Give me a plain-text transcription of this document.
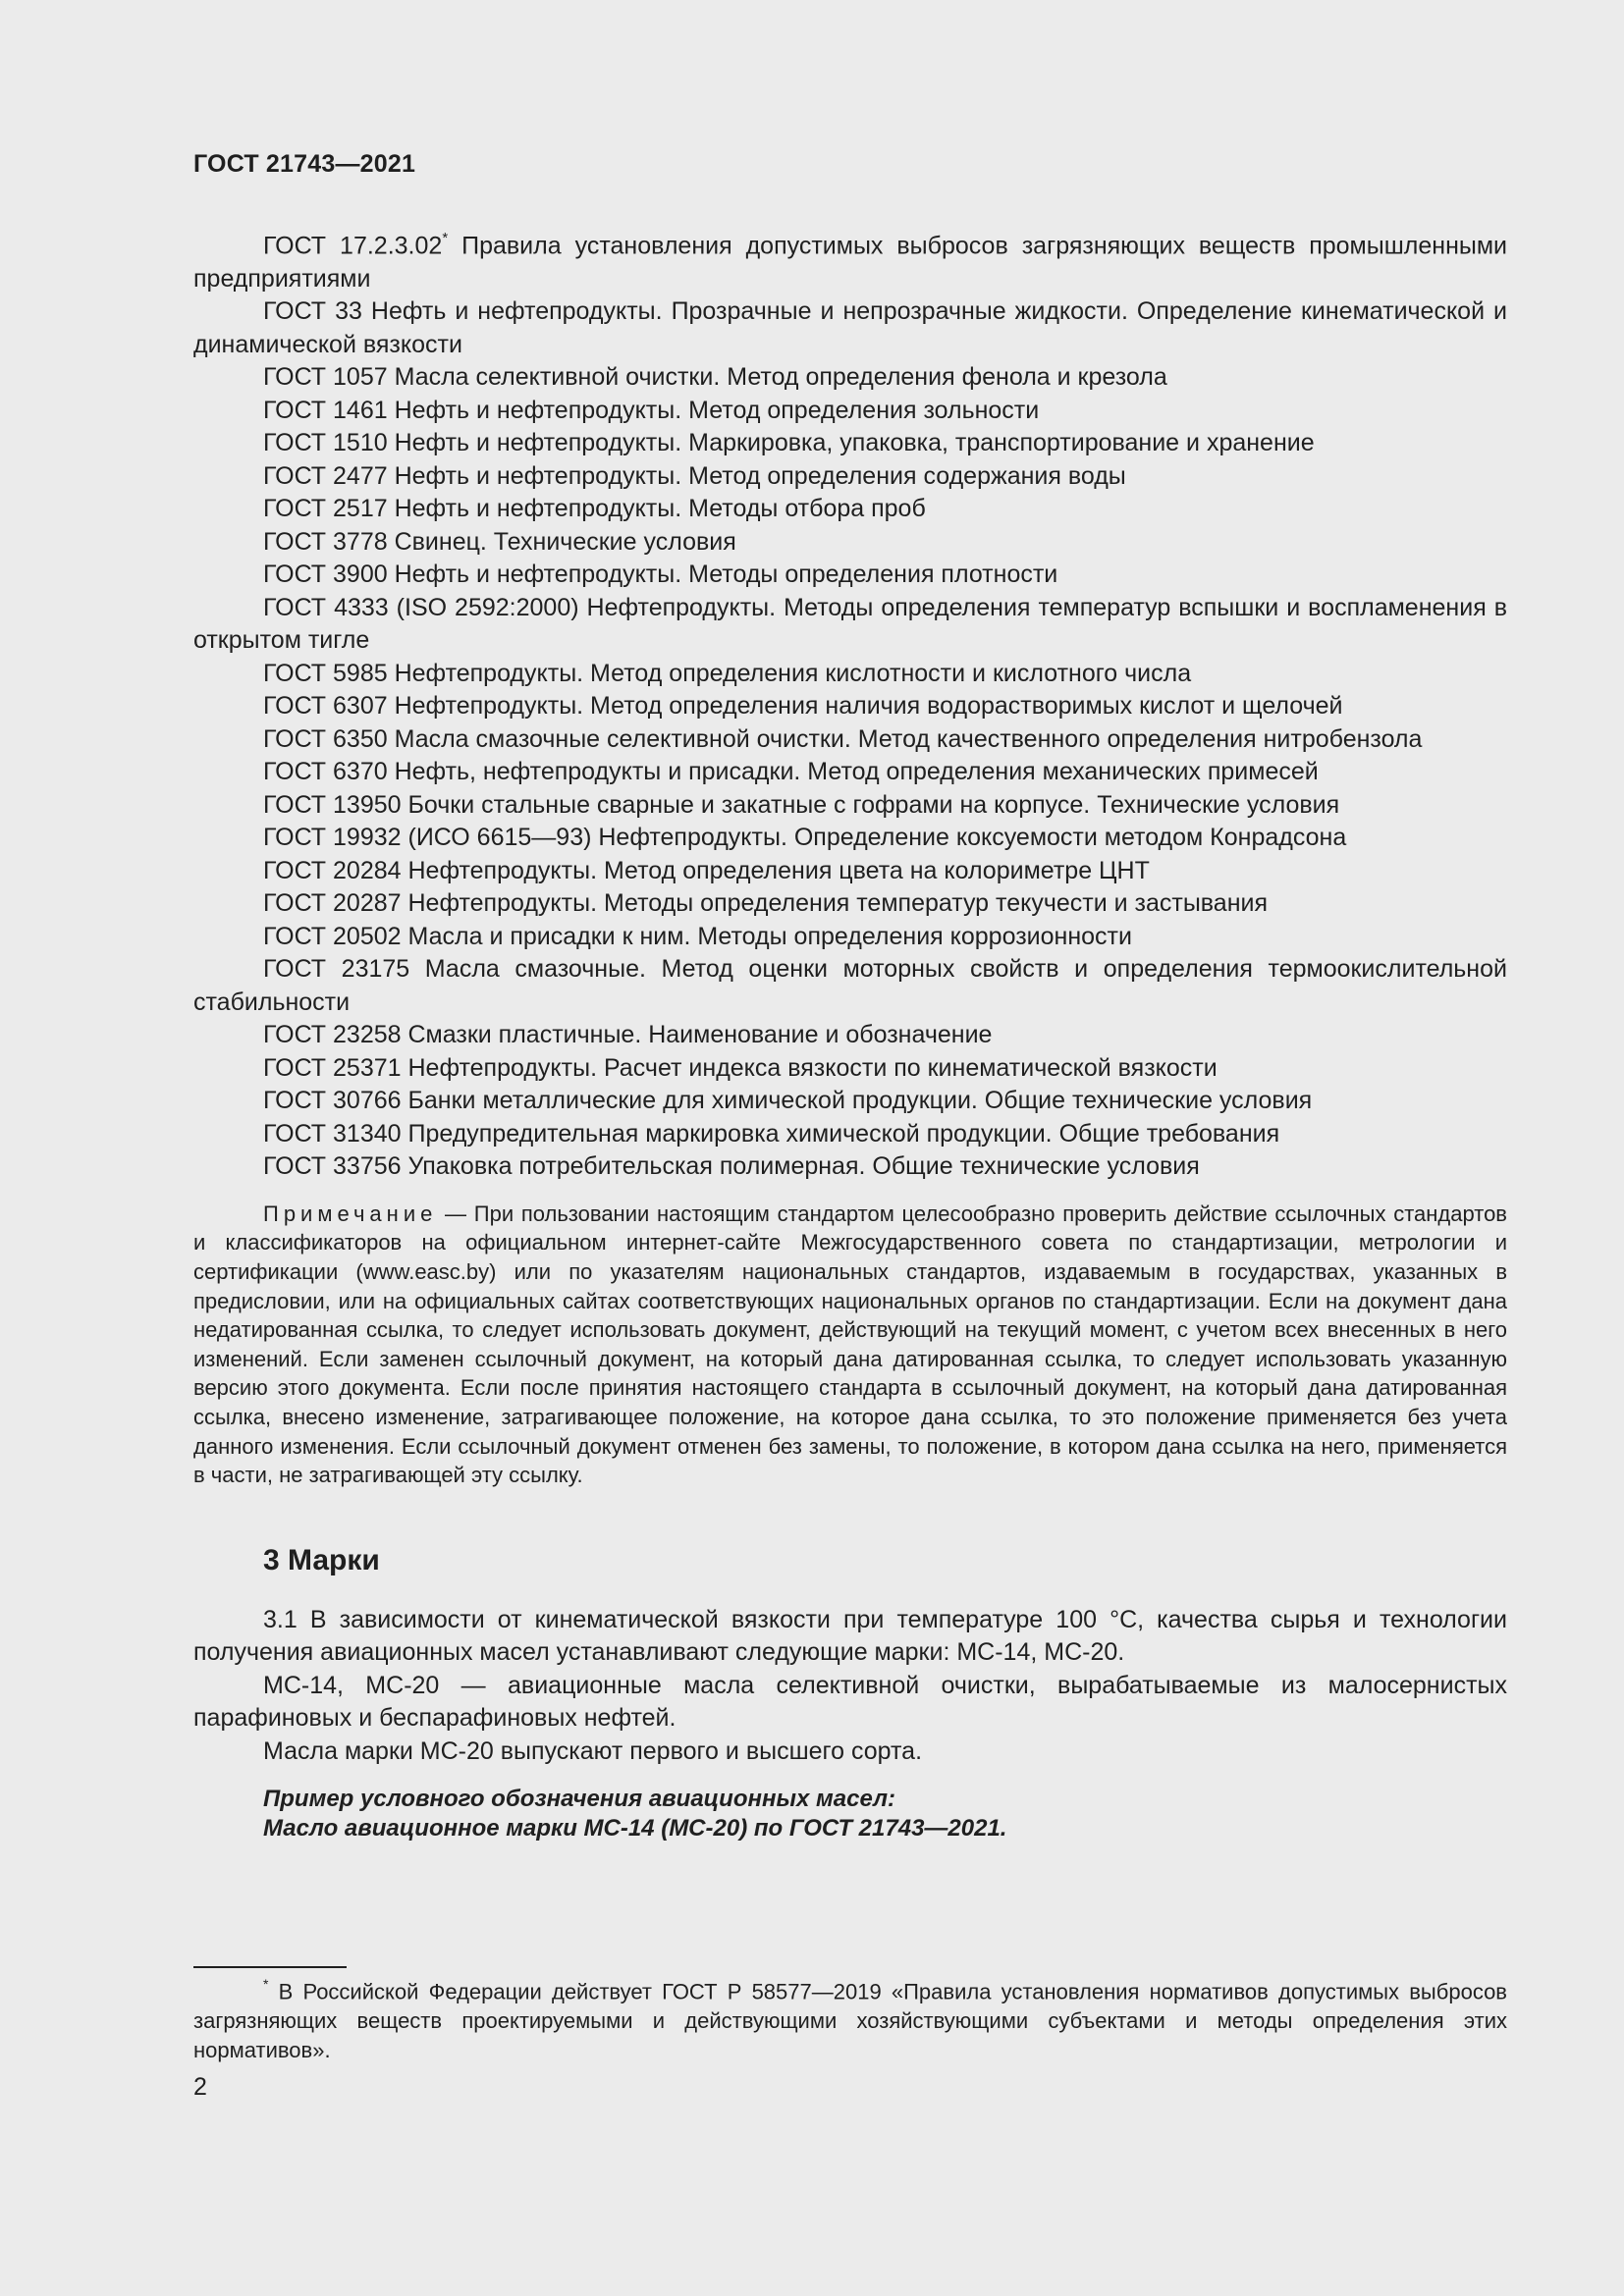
ГОСТ 21743—2021

ГОСТ 17.2.3.02* Правила установления допустимых выбросов загрязняющих веществ промышленными предприятиями

ГОСТ 33 Нефть и нефтепродукты. Прозрачные и непрозрачные жидкости. Определение кинематической и динамической вязкости

ГОСТ 1057 Масла селективной очистки. Метод определения фенола и крезола

ГОСТ 1461 Нефть и нефтепродукты. Метод определения зольности

ГОСТ 1510 Нефть и нефтепродукты. Маркировка, упаковка, транспортирование и хранение

ГОСТ 2477 Нефть и нефтепродукты. Метод определения содержания воды

ГОСТ 2517 Нефть и нефтепродукты. Методы отбора проб

ГОСТ 3778 Свинец. Технические условия

ГОСТ 3900 Нефть и нефтепродукты. Методы определения плотности

ГОСТ 4333 (ISO 2592:2000) Нефтепродукты. Методы определения температур вспышки и воспламенения в открытом тигле

ГОСТ 5985 Нефтепродукты. Метод определения кислотности и кислотного числа

ГОСТ 6307 Нефтепродукты. Метод определения наличия водорастворимых кислот и щелочей

ГОСТ 6350 Масла смазочные селективной очистки. Метод качественного определения нитробензола

ГОСТ 6370 Нефть, нефтепродукты и присадки. Метод определения механических примесей

ГОСТ 13950 Бочки стальные сварные и закатные с гофрами на корпусе. Технические условия

ГОСТ 19932 (ИСО 6615—93) Нефтепродукты. Определение коксуемости методом Конрадсона

ГОСТ 20284 Нефтепродукты. Метод определения цвета на колориметре ЦНТ

ГОСТ 20287 Нефтепродукты. Методы определения температур текучести и застывания

ГОСТ 20502 Масла и присадки к ним. Методы определения коррозионности

ГОСТ 23175 Масла смазочные. Метод оценки моторных свойств и определения термоокислительной стабильности

ГОСТ 23258 Смазки пластичные. Наименование и обозначение

ГОСТ 25371 Нефтепродукты. Расчет индекса вязкости по кинематической вязкости

ГОСТ 30766 Банки металлические для химической продукции. Общие технические условия

ГОСТ 31340 Предупредительная маркировка химической продукции. Общие требования

ГОСТ 33756 Упаковка потребительская полимерная. Общие технические условия

Примечание — При пользовании настоящим стандартом целесообразно проверить действие ссылочных стандартов и классификаторов на официальном интернет-сайте Межгосударственного совета по стандартизации, метрологии и сертификации (www.easc.by) или по указателям национальных стандартов, издаваемым в государствах, указанных в предисловии, или на официальных сайтах соответствующих национальных органов по стандартизации. Если на документ дана недатированная ссылка, то следует использовать документ, действующий на текущий момент, с учетом всех внесенных в него изменений. Если заменен ссылочный документ, на который дана датированная ссылка, то следует использовать указанную версию этого документа. Если после принятия настоящего стандарта в ссылочный документ, на который дана датированная ссылка, внесено изменение, затрагивающее положение, на которое дана ссылка, то это положение применяется без учета данного изменения. Если ссылочный документ отменен без замены, то положение, в котором дана ссылка на него, применяется в части, не затрагивающей эту ссылку.

3 Марки

3.1 В зависимости от кинематической вязкости при температуре 100 °C, качества сырья и технологии получения авиационных масел устанавливают следующие марки: МС-14, МС-20.

МС-14, МС-20 — авиационные масла селективной очистки, вырабатываемые из малосернистых парафиновых и беспарафиновых нефтей.

Масла марки МС-20 выпускают первого и высшего сорта.

Пример условного обозначения авиационных масел:
Масло авиационное марки МС-14 (МС-20) по ГОСТ 21743—2021.
* В Российской Федерации действует ГОСТ Р 58577—2019 «Правила установления нормативов допустимых выбросов загрязняющих веществ проектируемыми и действующими хозяйствующими субъектами и методы определения этих нормативов».
2
